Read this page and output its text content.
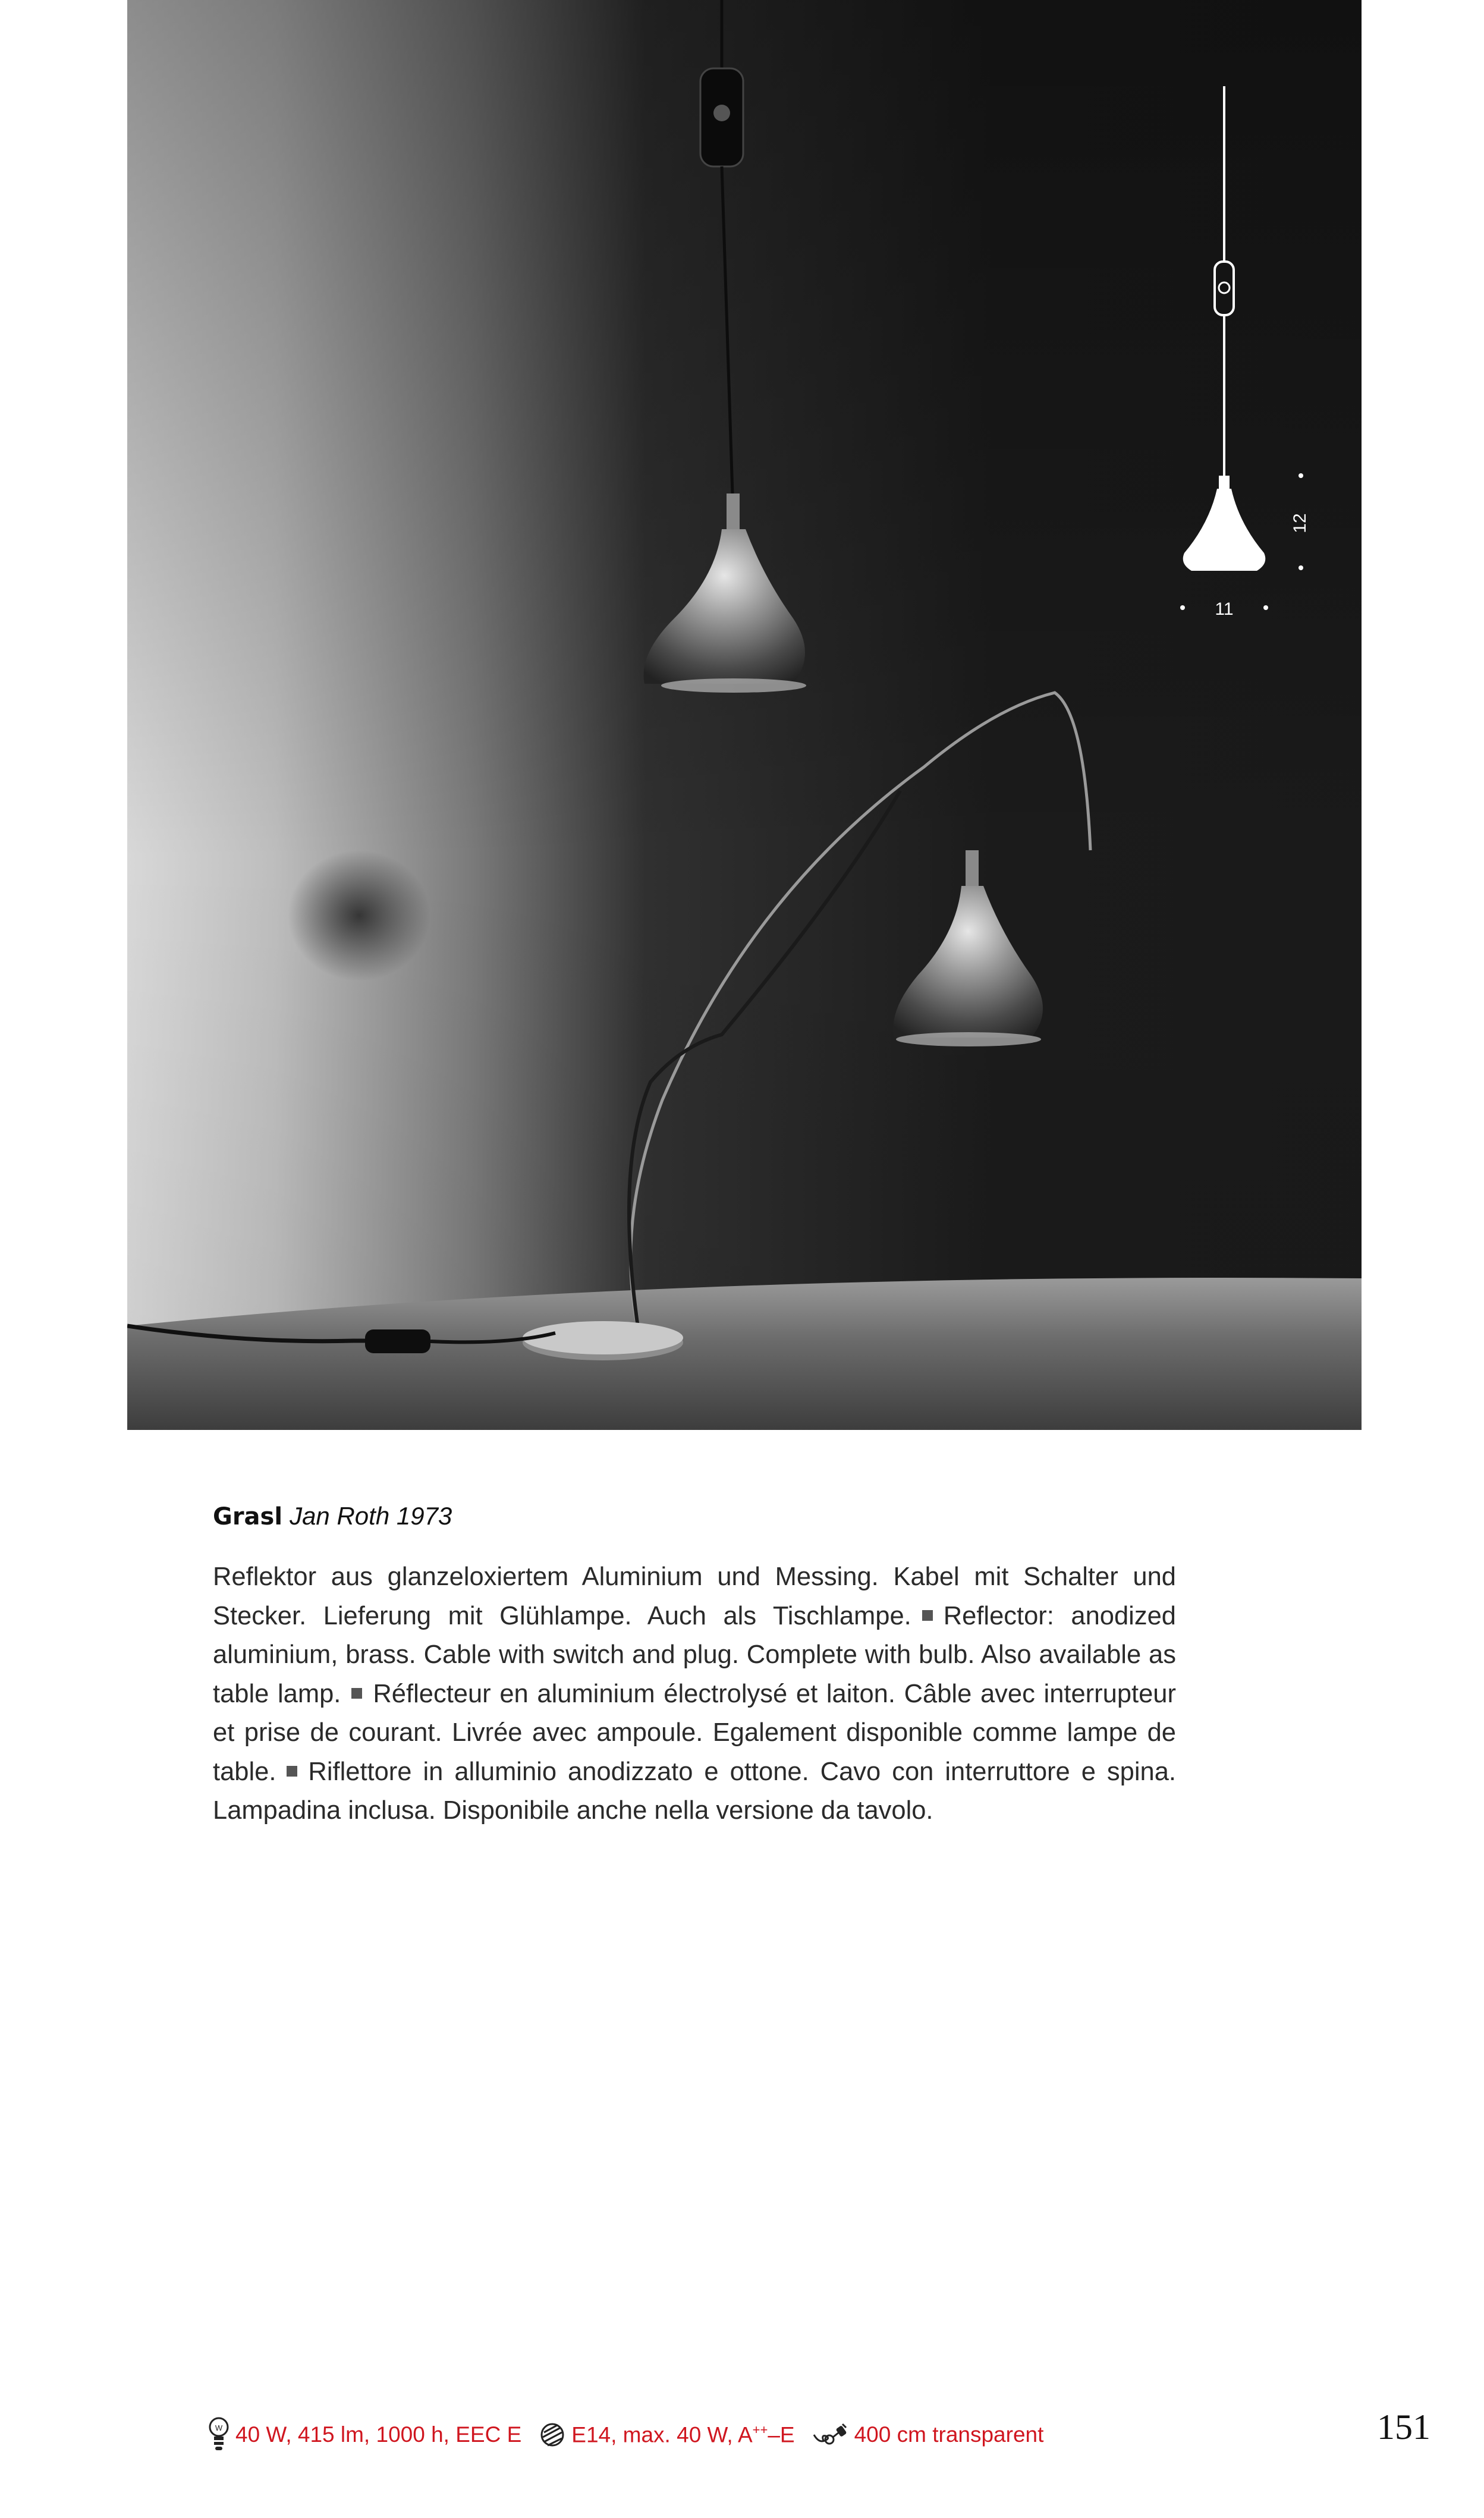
11
12
Grasl Jan Roth 1973
Reflektor aus glanzeloxiertem Aluminium und Messing. Kabel mit Schalter und Stecker. Lieferung mit Glühlampe. Auch als Tischlampe. Reflector: anodized aluminium, brass. Cable with switch and plug. Complete with bulb. Also available as table lamp. Réflecteur en aluminium électrolysé et laiton. Câble avec interrupteur et prise de courant. Livrée avec ampoule. Egalement disponible comme lampe de table. Riflettore in alluminio anodizzato e ottone. Cavo con interruttore e spina. Lampadina inclusa. Disponibile anche nella versione da tavolo.
W 40 W, 415 lm, 1000 h, EEC E E14, max. 40 W, A++–E	400 cm transparent	151
